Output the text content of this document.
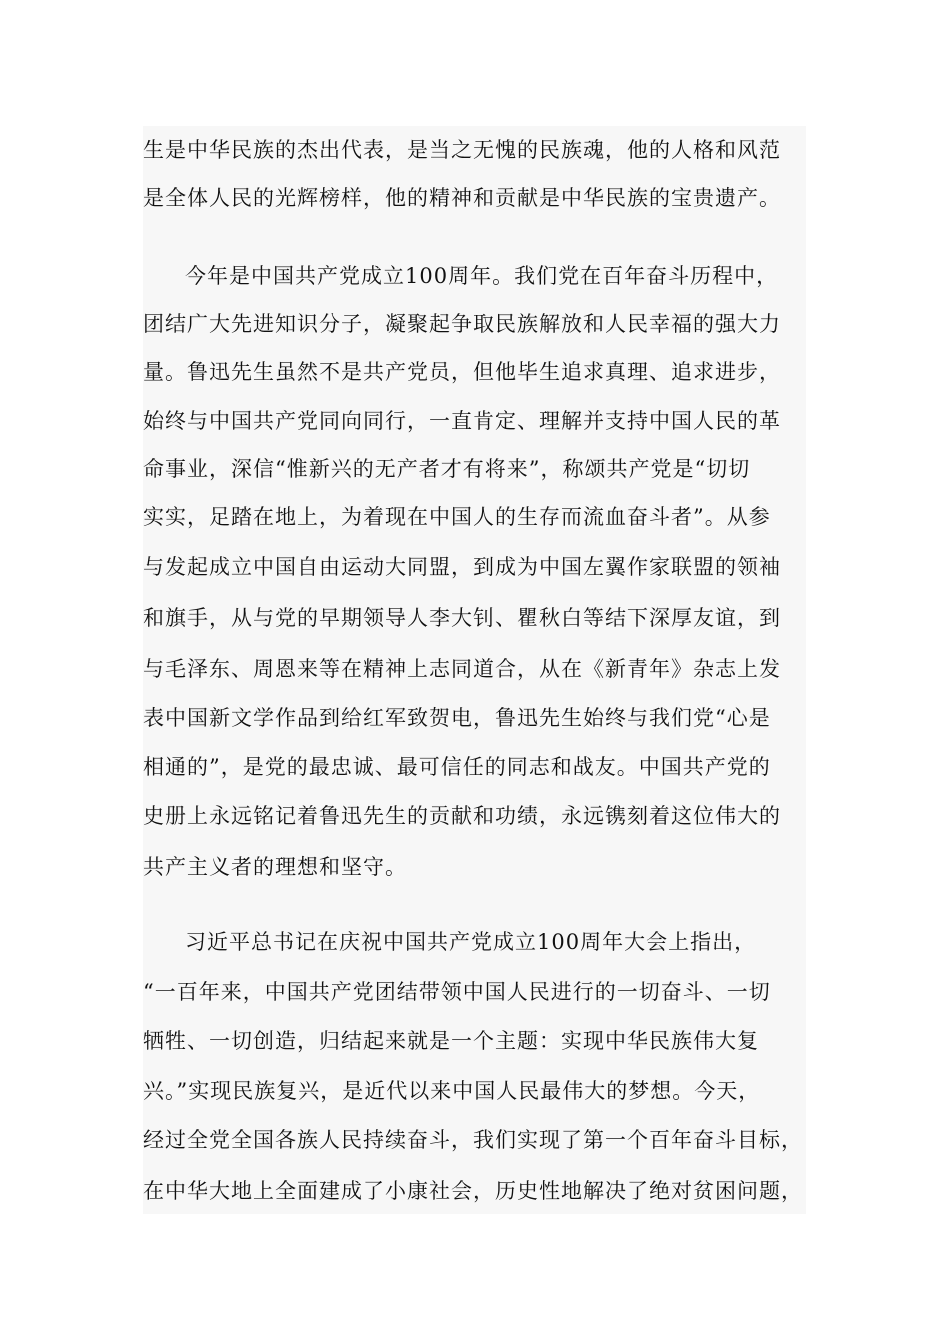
生是中华民族的杰出代表，是当之无愧的民族魂，他的人格和风范
是全体人民的光辉榜样，他的精神和贡献是中华民族的宝贵遗产。
今年是中国共产党成立100周年。我们党在百年奋斗历程中，
团结广大先进知识分子，凝聚起争取民族解放和人民幸福的强大力
量。鲁迅先生虽然不是共产党员，但他毕生追求真理、追求进步，
始终与中国共产党同向同行，一直肯定、理解并支持中国人民的革
命事业，深信“惟新兴的无产者才有将来”，称颂共产党是“切切
实实，足踏在地上，为着现在中国人的生存而流血奋斗者”。从参
与发起成立中国自由运动大同盟，到成为中国左翼作家联盟的领袖
和旗手，从与党的早期领导人李大钊、瞿秋白等结下深厚友谊，到
与毛泽东、周恩来等在精神上志同道合，从在《新青年》杂志上发
表中国新文学作品到给红军致贺电，鲁迅先生始终与我们党“心是
相通的”，是党的最忠诚、最可信任的同志和战友。中国共产党的
史册上永远铭记着鲁迅先生的贡献和功绩，永远镌刻着这位伟大的
共产主义者的理想和坚守。
习近平总书记在庆祝中国共产党成立100周年大会上指出，
“一百年来，中国共产党团结带领中国人民进行的一切奋斗、一切
牺牲、一切创造，归结起来就是一个主题：实现中华民族伟大复
兴。”实现民族复兴，是近代以来中国人民最伟大的梦想。今天，
经过全党全国各族人民持续奋斗，我们实现了第一个百年奋斗目标，
在中华大地上全面建成了小康社会，历史性地解决了绝对贫困问题，
